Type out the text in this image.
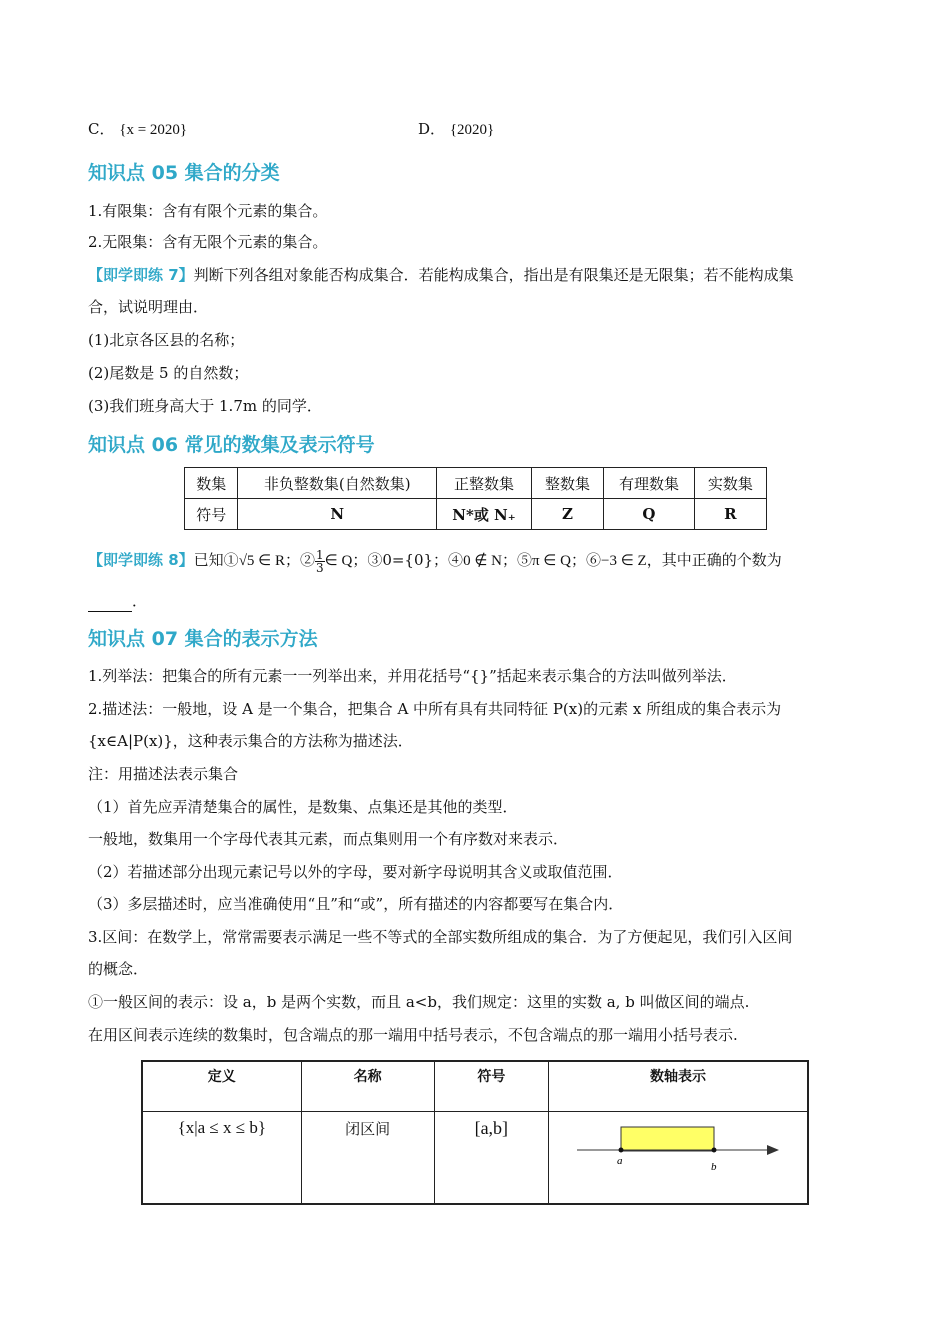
C． {x = 2020}	D． {2020}
知识点 05 集合的分类
1.有限集：含有有限个元素的集合。
2.无限集：含有无限个元素的集合。
【即学即练 7】判断下列各组对象能否构成集合．若能构成集合，指出是有限集还是无限集；若不能构成集
合，试说明理由．
(1)北京各区县的名称；
(2)尾数是 5 的自然数；
(3)我们班身高大于 1.7m 的同学．
知识点 06 常见的数集及表示符号
数集	非负整数集(自然数集)	正整数集	整数集	有理数集	实数集
符号	N	N*或 N₊	Z	Q	R
【即学即练 8】已知①√5 ∈ R；② $\frac{1}{3}$ ∈ Q；③0={0}；④0 ∉ N；⑤π ∈ Q；⑥−3 ∈ Z，其中正确的个数为
．
知识点 07 集合的表示方法
1.列举法：把集合的所有元素一一列举出来，并用花括号“{}”括起来表示集合的方法叫做列举法．
2.描述法：一般地，设 A 是一个集合，把集合 A 中所有具有共同特征 P(x)的元素 x 所组成的集合表示为
{x∈A|P(x)}，这种表示集合的方法称为描述法．
注：用描述法表示集合
（1）首先应弄清楚集合的属性，是数集、点集还是其他的类型．
一般地，数集用一个字母代表其元素，而点集则用一个有序数对来表示．
（2）若描述部分出现元素记号以外的字母，要对新字母说明其含义或取值范围．
（3）多层描述时，应当准确使用“且”和“或”，所有描述的内容都要写在集合内．
3.区间：在数学上，常常需要表示满足一些不等式的全部实数所组成的集合．为了方便起见，我们引入区间
的概念．
①一般区间的表示：设 a，b 是两个实数，而且 a<b，我们规定：这里的实数 a, b 叫做区间的端点.
在用区间表示连续的数集时，包含端点的那一端用中括号表示，不包含端点的那一端用小括号表示.
定义	名称	符号	数轴表示
{x|a ≤ x ≤ b}	闭区间	[a,b]	a b
